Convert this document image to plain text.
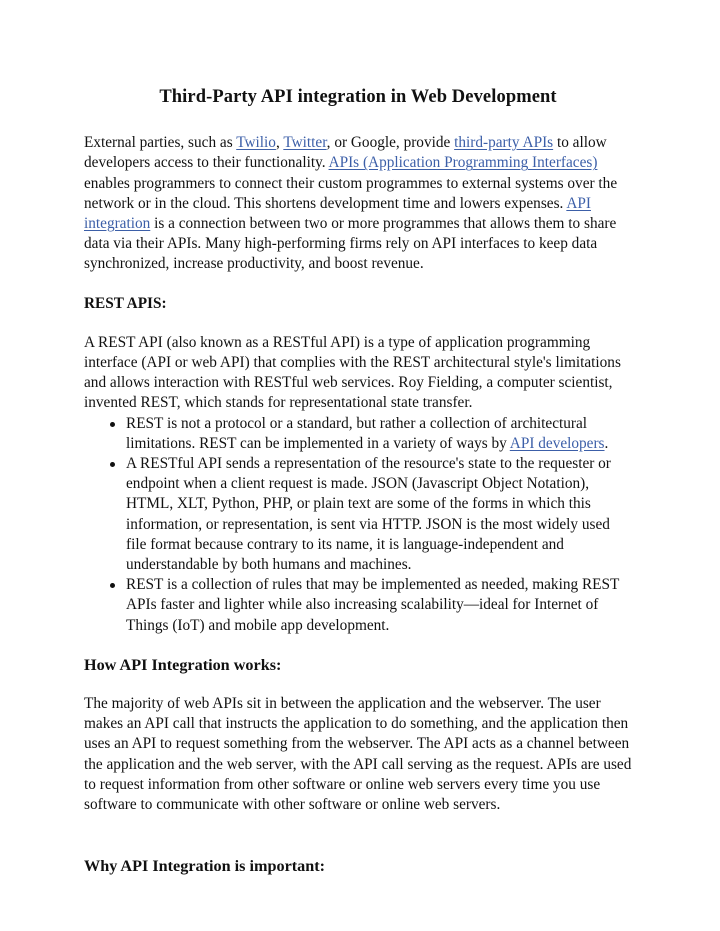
Third-Party API integration in Web Development

External parties, such as Twilio, Twitter, or Google, provide third-party APIs to allow developers access to their functionality. APIs (Application Programming Interfaces) enables programmers to connect their custom programmes to external systems over the network or in the cloud. This shortens development time and lowers expenses. API integration is a connection between two or more programmes that allows them to share data via their APIs. Many high-performing firms rely on API interfaces to keep data synchronized, increase productivity, and boost revenue.

REST APIS:

A REST API (also known as a RESTful API) is a type of application programming interface (API or web API) that complies with the REST architectural style's limitations and allows interaction with RESTful web services. Roy Fielding, a computer scientist, invented REST, which stands for representational state transfer.

REST is not a protocol or a standard, but rather a collection of architectural limitations. REST can be implemented in a variety of ways by API developers.
A RESTful API sends a representation of the resource's state to the requester or endpoint when a client request is made. JSON (Javascript Object Notation), HTML, XLT, Python, PHP, or plain text are some of the forms in which this information, or representation, is sent via HTTP. JSON is the most widely used file format because contrary to its name, it is language-independent and understandable by both humans and machines.
REST is a collection of rules that may be implemented as needed, making REST APIs faster and lighter while also increasing scalability—ideal for Internet of Things (IoT) and mobile app development.
How API Integration works:

The majority of web APIs sit in between the application and the webserver. The user makes an API call that instructs the application to do something, and the application then uses an API to request something from the webserver. The API acts as a channel between the application and the web server, with the API call serving as the request. APIs are used to request information from other software or online web servers every time you use software to communicate with other software or online web servers.

Why API Integration is important:
